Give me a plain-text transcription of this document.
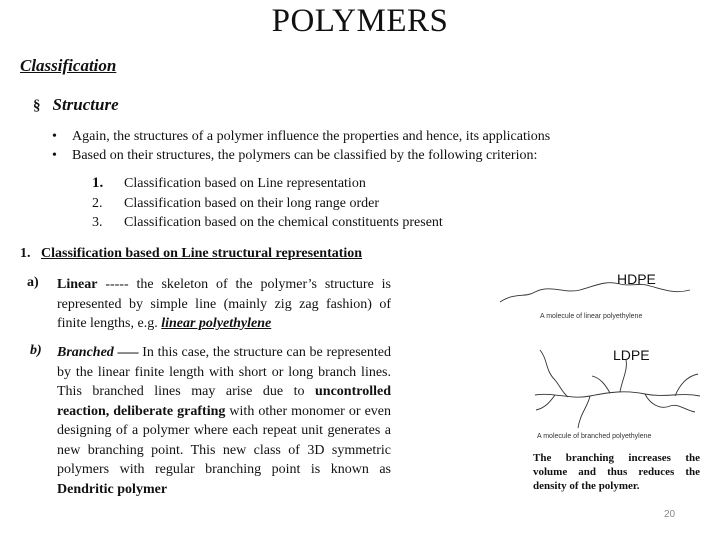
POLYMERS
Classification
§ Structure
•	Again, the structures of a polymer influence the properties and hence, its applications
•	Based on their structures, the polymers can be classified by the following criterion:
1.	Classification based on Line representation
2.	Classification based on their long range order
3.	Classification based on the chemical constituents present
1. Classification based on Line structural representation
a) Linear ----- the skeleton of the polymer’s structure is represented by simple line (mainly zig zag fashion) of finite lengths, e.g. linear polyethylene
b) Branched ––– In this case, the structure can be represented by the linear finite length with short or long branch lines. This branched lines may arise due to uncontrolled reaction, deliberate grafting with other monomer or even designing of a polymer where each repeat unit generates a new branching point. This new class of 3D symmetric polymers with regular branching point is known as Dendritic polymer
HDPE
A molecule of linear polyethylene
LDPE
A molecule of branched polyethylene
The branching increases the volume and thus reduces the density of the polymer.
20
